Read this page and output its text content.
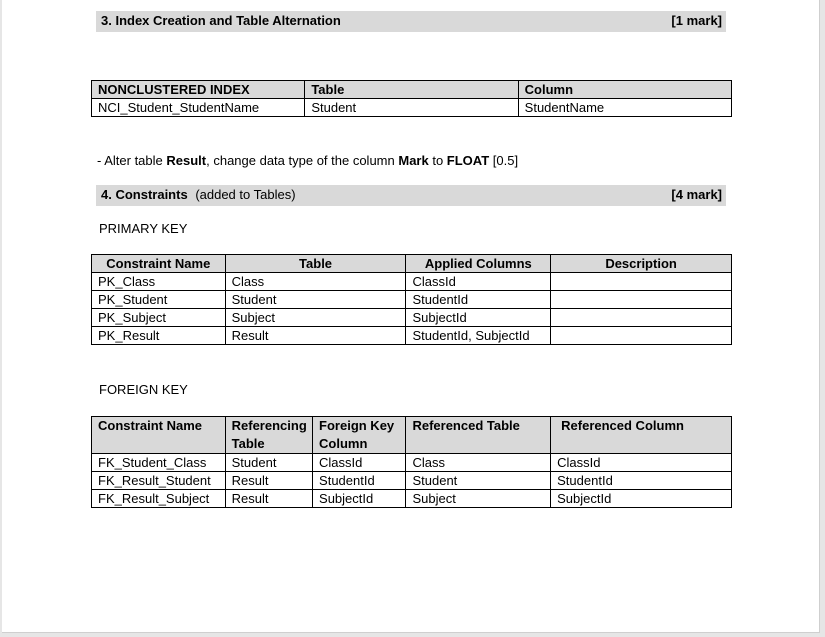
3. Index Creation and Table Alternation	[1 mark]
NONCLUSTERED INDEX	Table	Column
NCI_Student_StudentName	Student	StudentName
- Alter table Result, change data type of the column Mark to FLOAT [0.5]
4. Constraints (added to Tables)	[4 mark]
PRIMARY KEY
Constraint Name	Table	Applied Columns	Description
PK_Class	Class	ClassId	
PK_Student	Student	StudentId	
PK_Subject	Subject	SubjectId	
PK_Result	Result	StudentId, SubjectId	
FOREIGN KEY
Constraint Name	Referencing Table	Foreign Key Column	Referenced Table	Referenced Column
FK_Student_Class	Student	ClassId	Class	ClassId
FK_Result_Student	Result	StudentId	Student	StudentId
FK_Result_Subject	Result	SubjectId	Subject	SubjectId
